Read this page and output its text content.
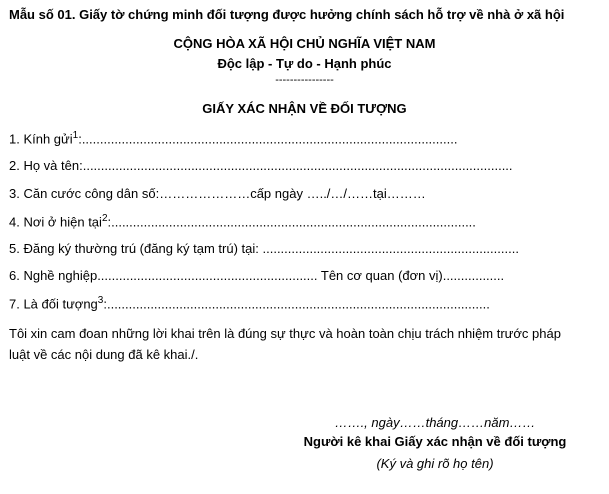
Mẫu số 01. Giấy tờ chứng minh đối tượng được hưởng chính sách hỗ trợ về nhà ở xã hội
CỘNG HÒA XÃ HỘI CHỦ NGHĨA VIỆT NAM
Độc lập - Tự do - Hạnh phúc
----------------
GIẤY XÁC NHẬN VỀ ĐỐI TƯỢNG
1. Kính gửi$^1$:........................................................................................................
2. Họ và tên:.......................................................................................................................
3. Căn cước công dân số:…………………cấp ngày …../…/……tại………
4. Nơi ở hiện tại$^2$:.....................................................................................................
5. Đăng ký thường trú (đăng ký tạm trú) tại: .......................................................................
6. Nghề nghiệp............................................................. Tên cơ quan (đơn vị).................
7. Là đối tượng$^3$:..........................................................................................................
Tôi xin cam đoan những lời khai trên là đúng sự thực và hoàn toàn chịu trách nhiệm trước pháp
luật về các nội dung đã kê khai./.
……., ngày……tháng……năm……
Người kê khai Giấy xác nhận về đối tượng
(Ký và ghi rõ họ tên)
